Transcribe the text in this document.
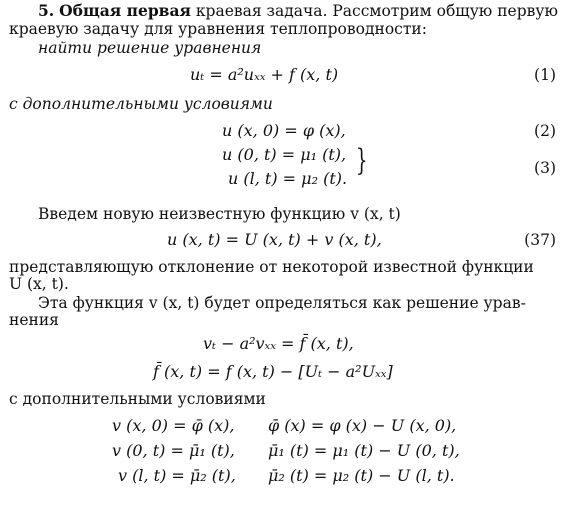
5. Общая первая краевая задача. Рассмотрим общую первую
краевую задачу для уравнения теплопроводности:
найти решение уравнения
uₜ = a²uₓₓ + f (x, t)	(1)
с дополнительными условиями
u (x, 0) = φ (x),	(2)
u (0, t) = μ₁ (t),
u (l, t) = μ₂ (t).
}	(3)
Введем новую неизвестную функцию v (x, t)
u (x, t) = U (x, t) + v (x, t),	(37)
представляющую отклонение от некоторой известной функции
U (x, t).
Эта функция v (x, t) будет определяться как решение урав-
нения
vₜ − a²vₓₓ = f̄ (x, t),
f̄ (x, t) = f (x, t) − [Uₜ − a²Uₓₓ]
с дополнительными условиями
v (x, 0) = φ̄ (x), φ̄ (x) = φ (x) − U (x, 0),
v (0, t) = μ̄₁ (t), μ̄₁ (t) = μ₁ (t) − U (0, t),
v (l, t) = μ̄₂ (t), μ̄₂ (t) = μ₂ (t) − U (l, t).
